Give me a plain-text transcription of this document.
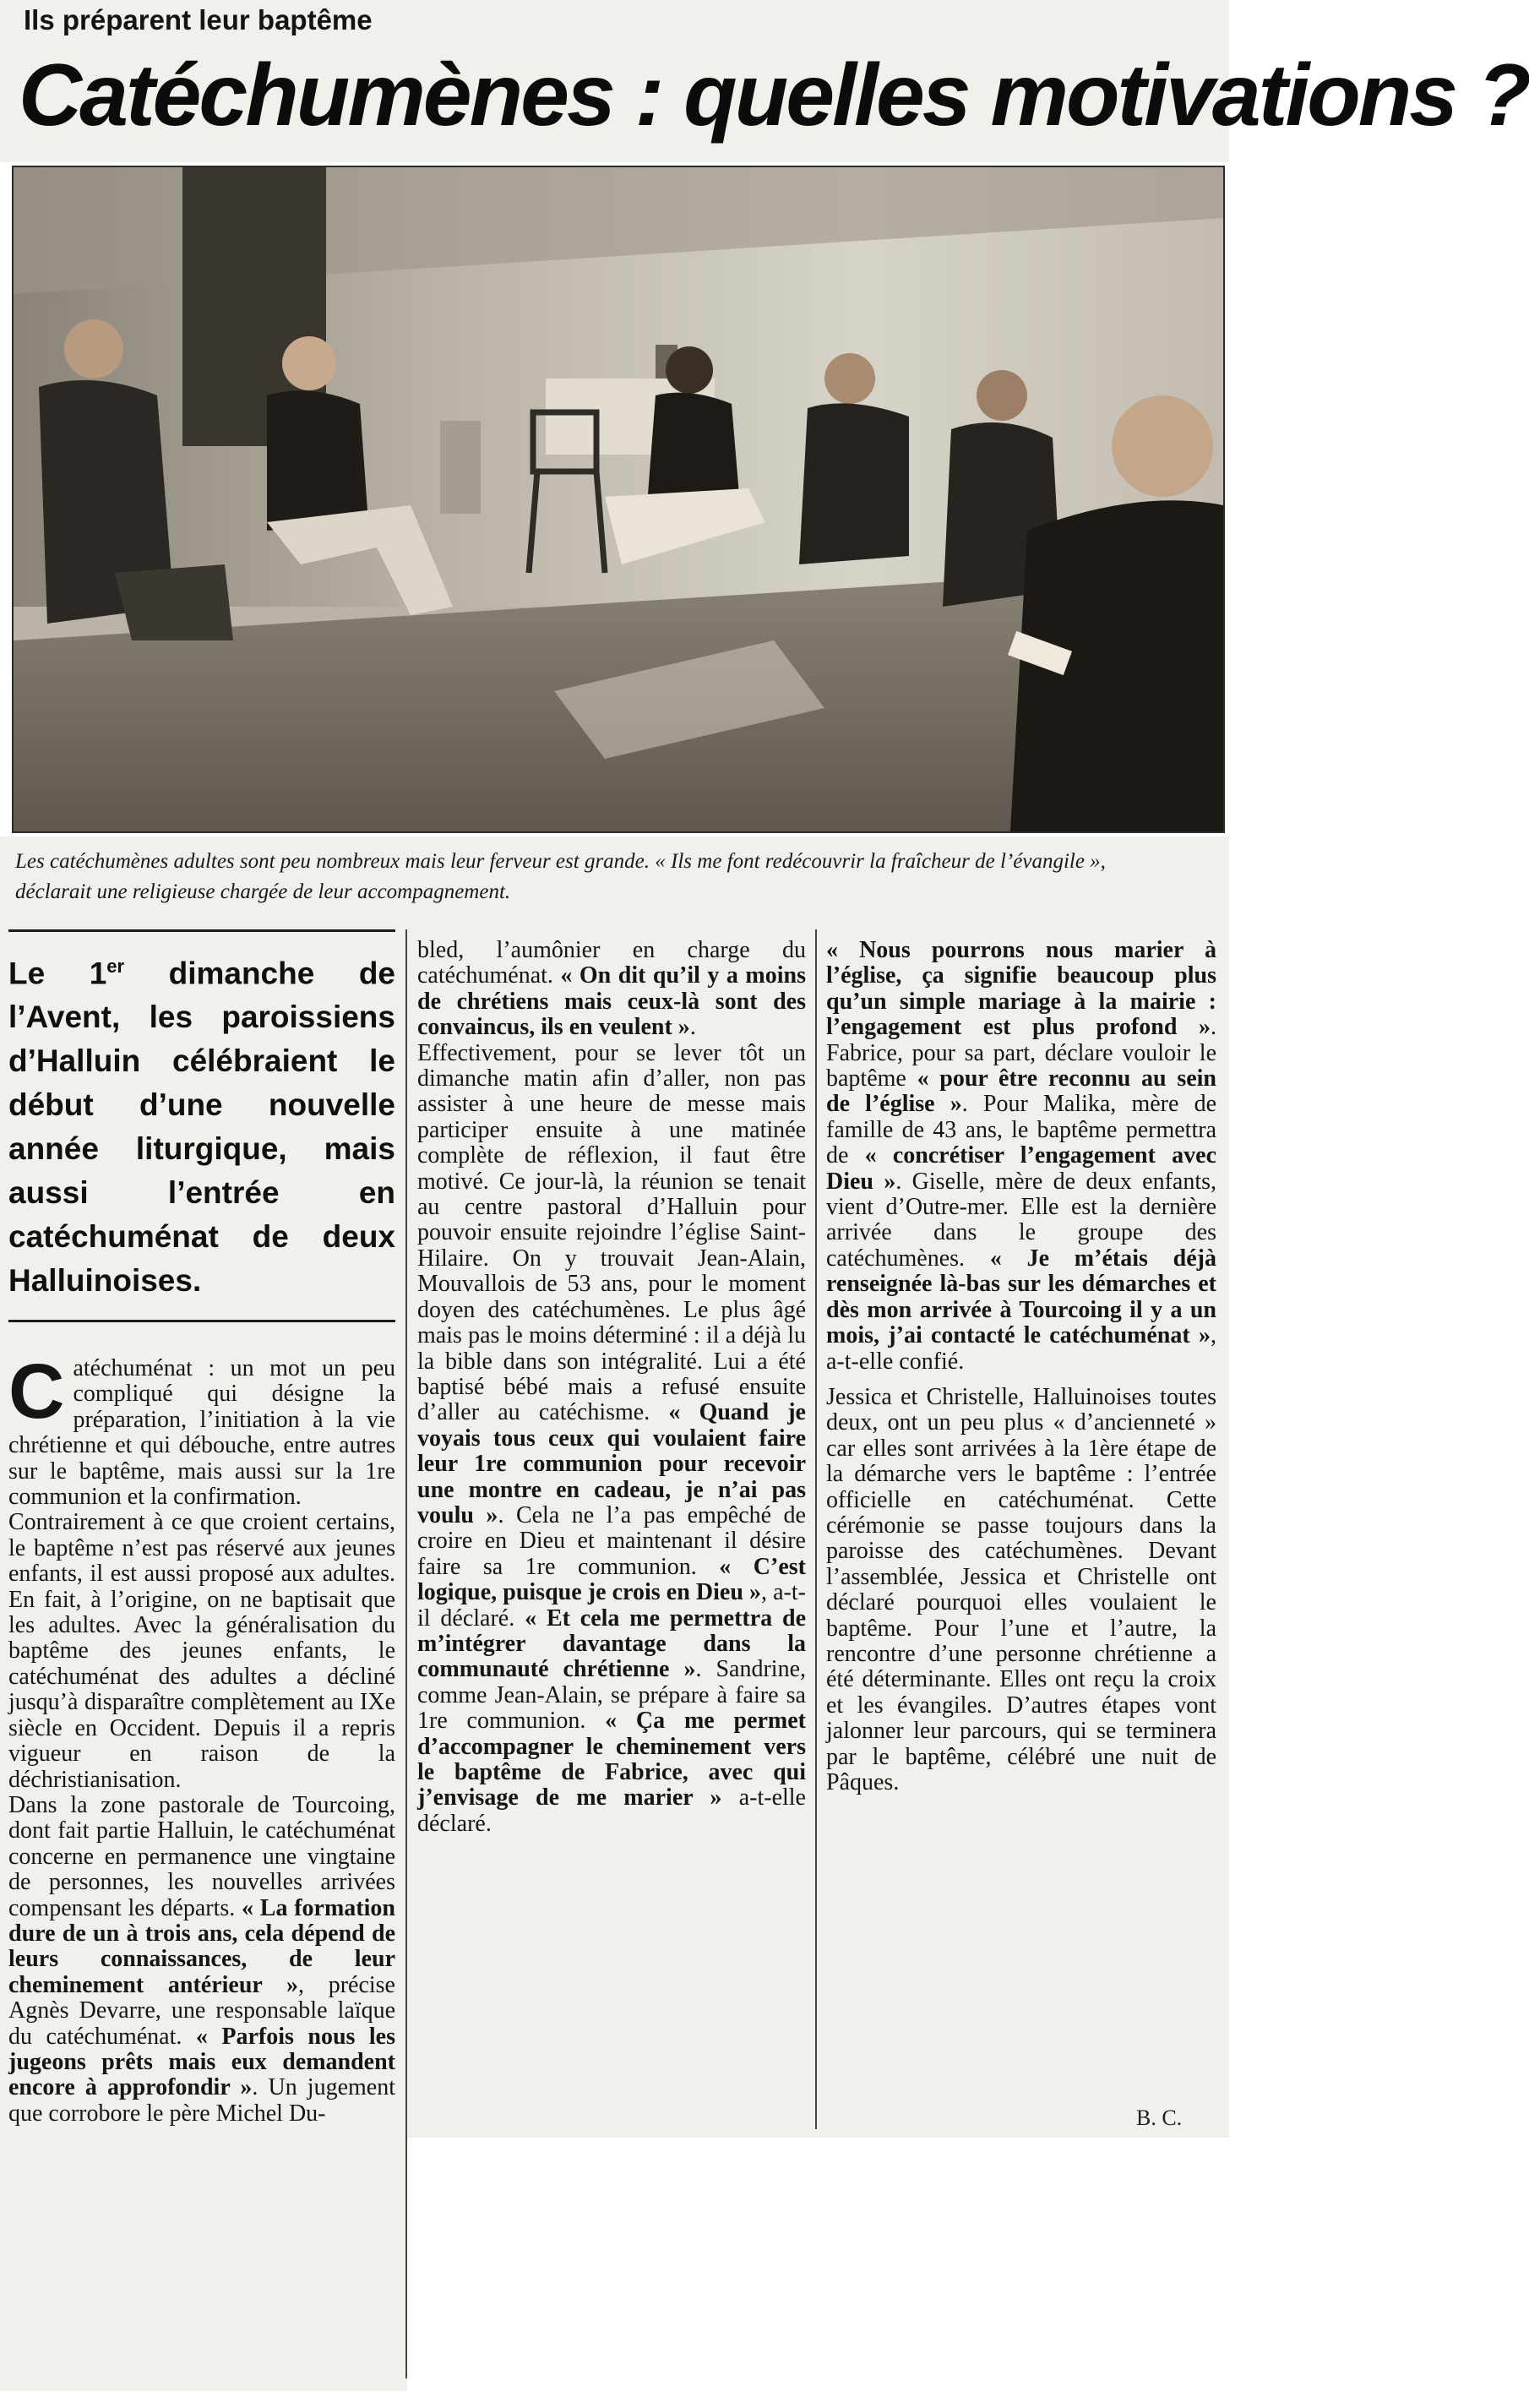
Ils préparent leur baptême
Catéchumènes : quelles motivations ?
Les catéchumènes adultes sont peu nombreux mais leur ferveur est grande. « Ils me font redécouvrir la fraîcheur de l’évangile »,
déclarait une religieuse chargée de leur accompagnement.
Le 1er dimanche de l’Avent, les paroissiens d’Halluin célébraient le début d’une nouvelle année liturgique, mais aussi l’entrée en catéchuménat de deux Halluinoises.

Catéchuménat : un mot un peu compliqué qui désigne la préparation, l’initiation à la vie chrétienne et qui débouche, entre autres sur le baptême, mais aussi sur la 1re communion et la confirmation.

Contrairement à ce que croient certains, le baptême n’est pas réservé aux jeunes enfants, il est aussi proposé aux adultes. En fait, à l’origine, on ne baptisait que les adultes. Avec la généralisation du baptême des jeunes enfants, le catéchuménat des adultes a décliné jusqu’à disparaître complètement au IXe siècle en Occident. Depuis il a repris vigueur en raison de la déchristianisation.

Dans la zone pastorale de Tourcoing, dont fait partie Halluin, le catéchuménat concerne en permanence une vingtaine de personnes, les nouvelles arrivées compensant les départs. « La formation dure de un à trois ans, cela dépend de leurs connaissances, de leur cheminement antérieur », précise Agnès Devarre, une responsable laïque du catéchuménat. « Parfois nous les jugeons prêts mais eux demandent encore à approfondir ». Un jugement que corrobore le père Michel Du-

bled, l’aumônier en charge du catéchuménat. « On dit qu’il y a moins de chrétiens mais ceux-là sont des convaincus, ils en veulent ».

Effectivement, pour se lever tôt un dimanche matin afin d’aller, non pas assister à une heure de messe mais participer ensuite à une matinée complète de réflexion, il faut être motivé. Ce jour-là, la réunion se tenait au centre pastoral d’Halluin pour pouvoir ensuite rejoindre l’église Saint-Hilaire. On y trouvait Jean-Alain, Mouvallois de 53 ans, pour le moment doyen des catéchumènes. Le plus âgé mais pas le moins déterminé : il a déjà lu la bible dans son intégralité. Lui a été baptisé bébé mais a refusé ensuite d’aller au catéchisme. « Quand je voyais tous ceux qui voulaient faire leur 1re communion pour recevoir une montre en cadeau, je n’ai pas voulu ». Cela ne l’a pas empêché de croire en Dieu et maintenant il désire faire sa 1re communion. « C’est logique, puisque je crois en Dieu », a-t-il déclaré. « Et cela me permettra de m’intégrer davantage dans la communauté chrétienne ». Sandrine, comme Jean-Alain, se prépare à faire sa 1re communion. « Ça me permet d’accompagner le cheminement vers le baptême de Fabrice, avec qui j’envisage de me marier » a-t-elle déclaré.

« Nous pourrons nous marier à l’église, ça signifie beaucoup plus qu’un simple mariage à la mairie : l’engagement est plus profond ». Fabrice, pour sa part, déclare vouloir le baptême « pour être reconnu au sein de l’église ». Pour Malika, mère de famille de 43 ans, le baptême permettra de « concrétiser l’engagement avec Dieu ». Giselle, mère de deux enfants, vient d’Outre-mer. Elle est la dernière arrivée dans le groupe des catéchumènes. « Je m’étais déjà renseignée là-bas sur les démarches et dès mon arrivée à Tourcoing il y a un mois, j’ai contacté le catéchuménat », a-t-elle confié.

Jessica et Christelle, Halluinoises toutes deux, ont un peu plus « d’ancienneté » car elles sont arrivées à la 1ère étape de la démarche vers le baptême : l’entrée officielle en catéchuménat. Cette cérémonie se passe toujours dans la paroisse des catéchumènes. Devant l’assemblée, Jessica et Christelle ont déclaré pourquoi elles voulaient le baptême. Pour l’une et l’autre, la rencontre d’une personne chrétienne a été déterminante. Elles ont reçu la croix et les évangiles. D’autres étapes vont jalonner leur parcours, qui se terminera par le baptême, célébré une nuit de Pâques.

B. C.
